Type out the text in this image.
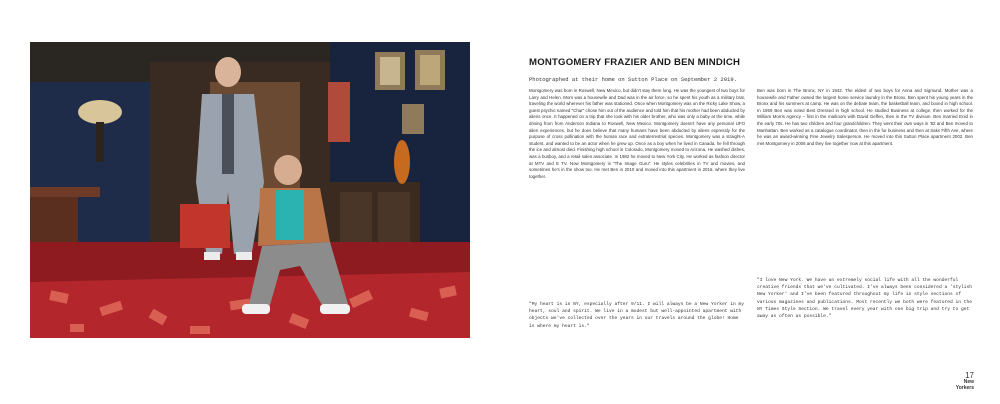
MONTGOMERY FRAZIER AND BEN MINDICH

Photographed at their home on Sutton Place on September 2 2019.

Montgomery was born in Roswell, New Mexico, but didn't stay there long. He was the youngest of two boys for Larry and Helen. Mom was a housewife and Dad was in the air force, so he spent his youth as a military brat, traveling the world wherever his father was stationed. Once when Montgomery was on the Ricky Lake Show, a guest psychic named "Char" chose him out of the audience and told him that his mother had been abducted by aliens once. It happened on a trip that she took with his older brother, who was only a baby at the time, while driving from from Anderson Indiana to Roswell, New Mexico. Montgomery doesn't have any personal UFO alien experiences, but he does believe that many humans have been abducted by aliens expressly for the purpose of cross pollination with the human race and extraterrestrial species. Montgomery was a straight-A student, and wanted to be an actor when he grew up. Once as a boy when he lived in Canada, he fell through the ice and almost died. Finishing high school in Colorado, Montgomery moved to Arizona. He washed dishes, was a busboy, and a retail sales associate. In 1982 he moved to New York City. He worked as fashion director at MTV and E TV. Now Montgomery is "The Image Guru". He styles celebrities in TV and movies, and sometimes he's in the show too. He met Ben in 2010 and moved into this apartment in 2016, where they live together.
Ben was born in The Bronx, NY in 1942. The eldest of two boys for Anna and Sigmund. Mother was a housewife and Father owned the largest home service laundry in the Bronx. Ben spent his young years in the Bronx and his summers at camp. He was on the debate team, the basketball team, and boxed in high school. In 1959 Ben was voted Best Dressed in high school. He studied Business at college, then worked for the William Morris Agency – first in the mailroom with David Geffen, then in the TV division. Ben married Enid in the early 70s. He has two children and four grandchildren. They went their own ways in '82 and Ben moved to Manhattan. Ben worked as a catalogue coordinator, then in the fur business and then at Saks Fifth Ave, where he was an award-winning Fine Jewelry Salesperson. He moved into this Sutton Place apartment 2002. Ben met Montgomery in 2006 and they live together now at this apartment.
"My heart is in NY, especially after 9/11. I will always be a New Yorker in my heart, soul and spirit. We live in a modest but well-appointed apartment with objects we've collected over the years in our travels around the globe! Home is where my heart is."
"I love New York. We have an extremely social life with all the wonderful creative friends that we've cultivated. I've always been considered a 'stylish New Yorker' and I've been featured throughout my life in style sections of various magazines and publications. Most recently we both were featured in the NY Times Style Section. We travel every year with one big trip and try to get away as often as possible."
17
New
Yorkers
